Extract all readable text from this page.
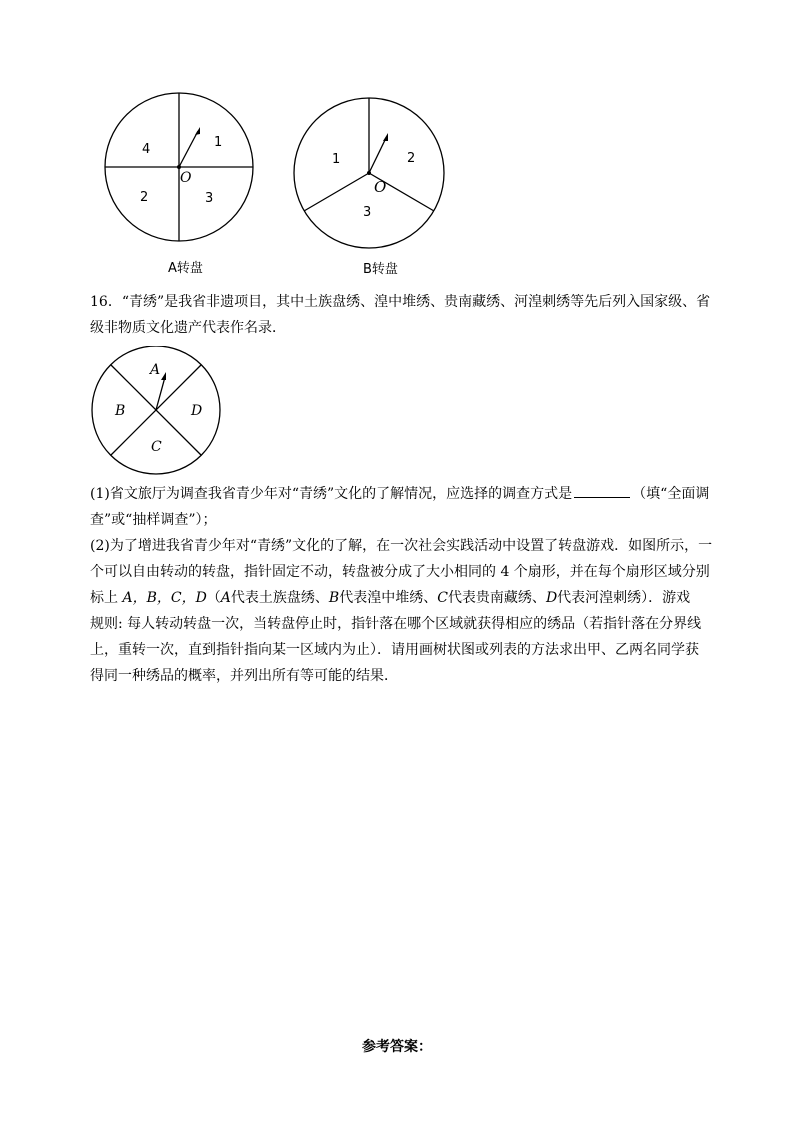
1
2	3
4
O
A转盘
1	2
3
O
B转盘
16．“青绣”是我省非遗项目，其中土族盘绣、湟中堆绣、贵南藏绣、河湟刺绣等先后列入国家级、省
级非物质文化遗产代表作名录．
A
B
C
D
(1)省文旅厅为调查我省青少年对“青绣”文化的了解情况，应选择的调查方式是	（填“全面调
查”或“抽样调查”）；
(2)为了增进我省青少年对“青绣”文化的了解，在一次社会实践活动中设置了转盘游戏．如图所示，一
个可以自由转动的转盘，指针固定不动，转盘被分成了大小相同的 4 个扇形，并在每个扇形区域分别
标上 A，B，C，D（A代表土族盘绣、B代表湟中堆绣、C代表贵南藏绣、D代表河湟刺绣）．游戏
规则: 每人转动转盘一次，当转盘停止时，指针落在哪个区域就获得相应的绣品（若指针落在分界线
上，重转一次，直到指针指向某一区域内为止）．请用画树状图或列表的方法求出甲、乙两名同学获
得同一种绣品的概率，并列出所有等可能的结果．
参考答案：
